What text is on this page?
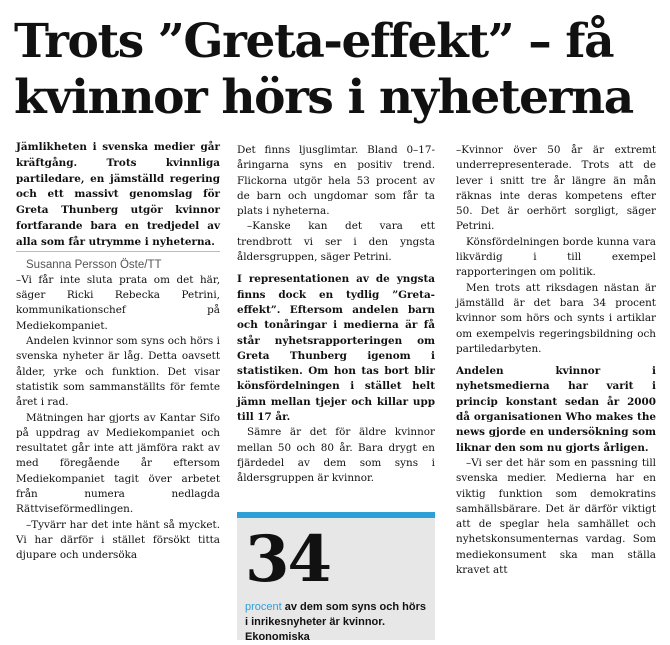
Trots ”Greta-effekt” – få kvinnor hörs i nyheterna

Jämlikheten i svenska medier går kräftgång. Trots kvinnliga partiledare, en jämställd regering och ett massivt genomslag för Greta Thunberg utgör kvinnor fortfarande bara en tredjedel av alla som får utrymme i nyheterna.

Susanna Persson Öste/TT

–Vi får inte sluta prata om det här, säger Ricki Rebecka Petrini, kommunikationschef på Mediekompaniet.

Andelen kvinnor som syns och hörs i svenska nyheter är låg. Detta oavsett ålder, yrke och funktion. Det visar statistik som sammanställts för femte året i rad.

Mätningen har gjorts av Kantar Sifo på uppdrag av Mediekompaniet och resultatet går inte att jämföra rakt av med föregående år eftersom Mediekompaniet tagit över arbetet från numera nedlagda Rättviseförmedlingen.

–Tyvärr har det inte hänt så mycket. Vi har därför i stället försökt titta djupare och undersöka

Det finns ljusglimtar. Bland 0–17-åringarna syns en positiv trend. Flickorna utgör hela 53 procent av de barn och ungdomar som får ta plats i nyheterna.

–Kanske kan det vara ett trendbrott vi ser i den yngsta åldersgruppen, säger Petrini.

I representationen av de yngsta finns dock en tydlig ”Greta-effekt”. Eftersom andelen barn och tonåringar i medierna är få står nyhetsrapporteringen om Greta Thunberg igenom i statistiken. Om hon tas bort blir könsfördelningen i stället helt jämn mellan tjejer och killar upp till 17 år.

Sämre är det för äldre kvinnor mellan 50 och 80 år. Bara drygt en fjärdedel av dem som syns i åldersgruppen är kvinnor.

34
procent av dem som syns och hörs i inrikesnyheter är kvinnor. Ekonomiska

–Kvinnor över 50 år är extremt underrepresenterade. Trots att de lever i snitt tre år längre än mån räknas inte deras kompetens efter 50. Det är oerhört sorgligt, säger Petrini.

Könsfördelningen borde kunna vara likvärdig i till exempel rapporteringen om politik.

Men trots att riksdagen nästan är jämställd är det bara 34 procent kvinnor som hörs och synts i artiklar om exempelvis regeringsbildning och partiledarbyten.

Andelen kvinnor i nyhetsmedierna har varit i princip konstant sedan år 2000 då organisationen Who makes the news gjorde en undersökning som liknar den som nu gjorts årligen.

–Vi ser det här som en passning till svenska medier. Medierna har en viktig funktion som demokratins samhällsbärare. Det är därför viktigt att de speglar hela samhället och nyhetskonsumenternas vardag. Som mediekonsument ska man ställa kravet att
